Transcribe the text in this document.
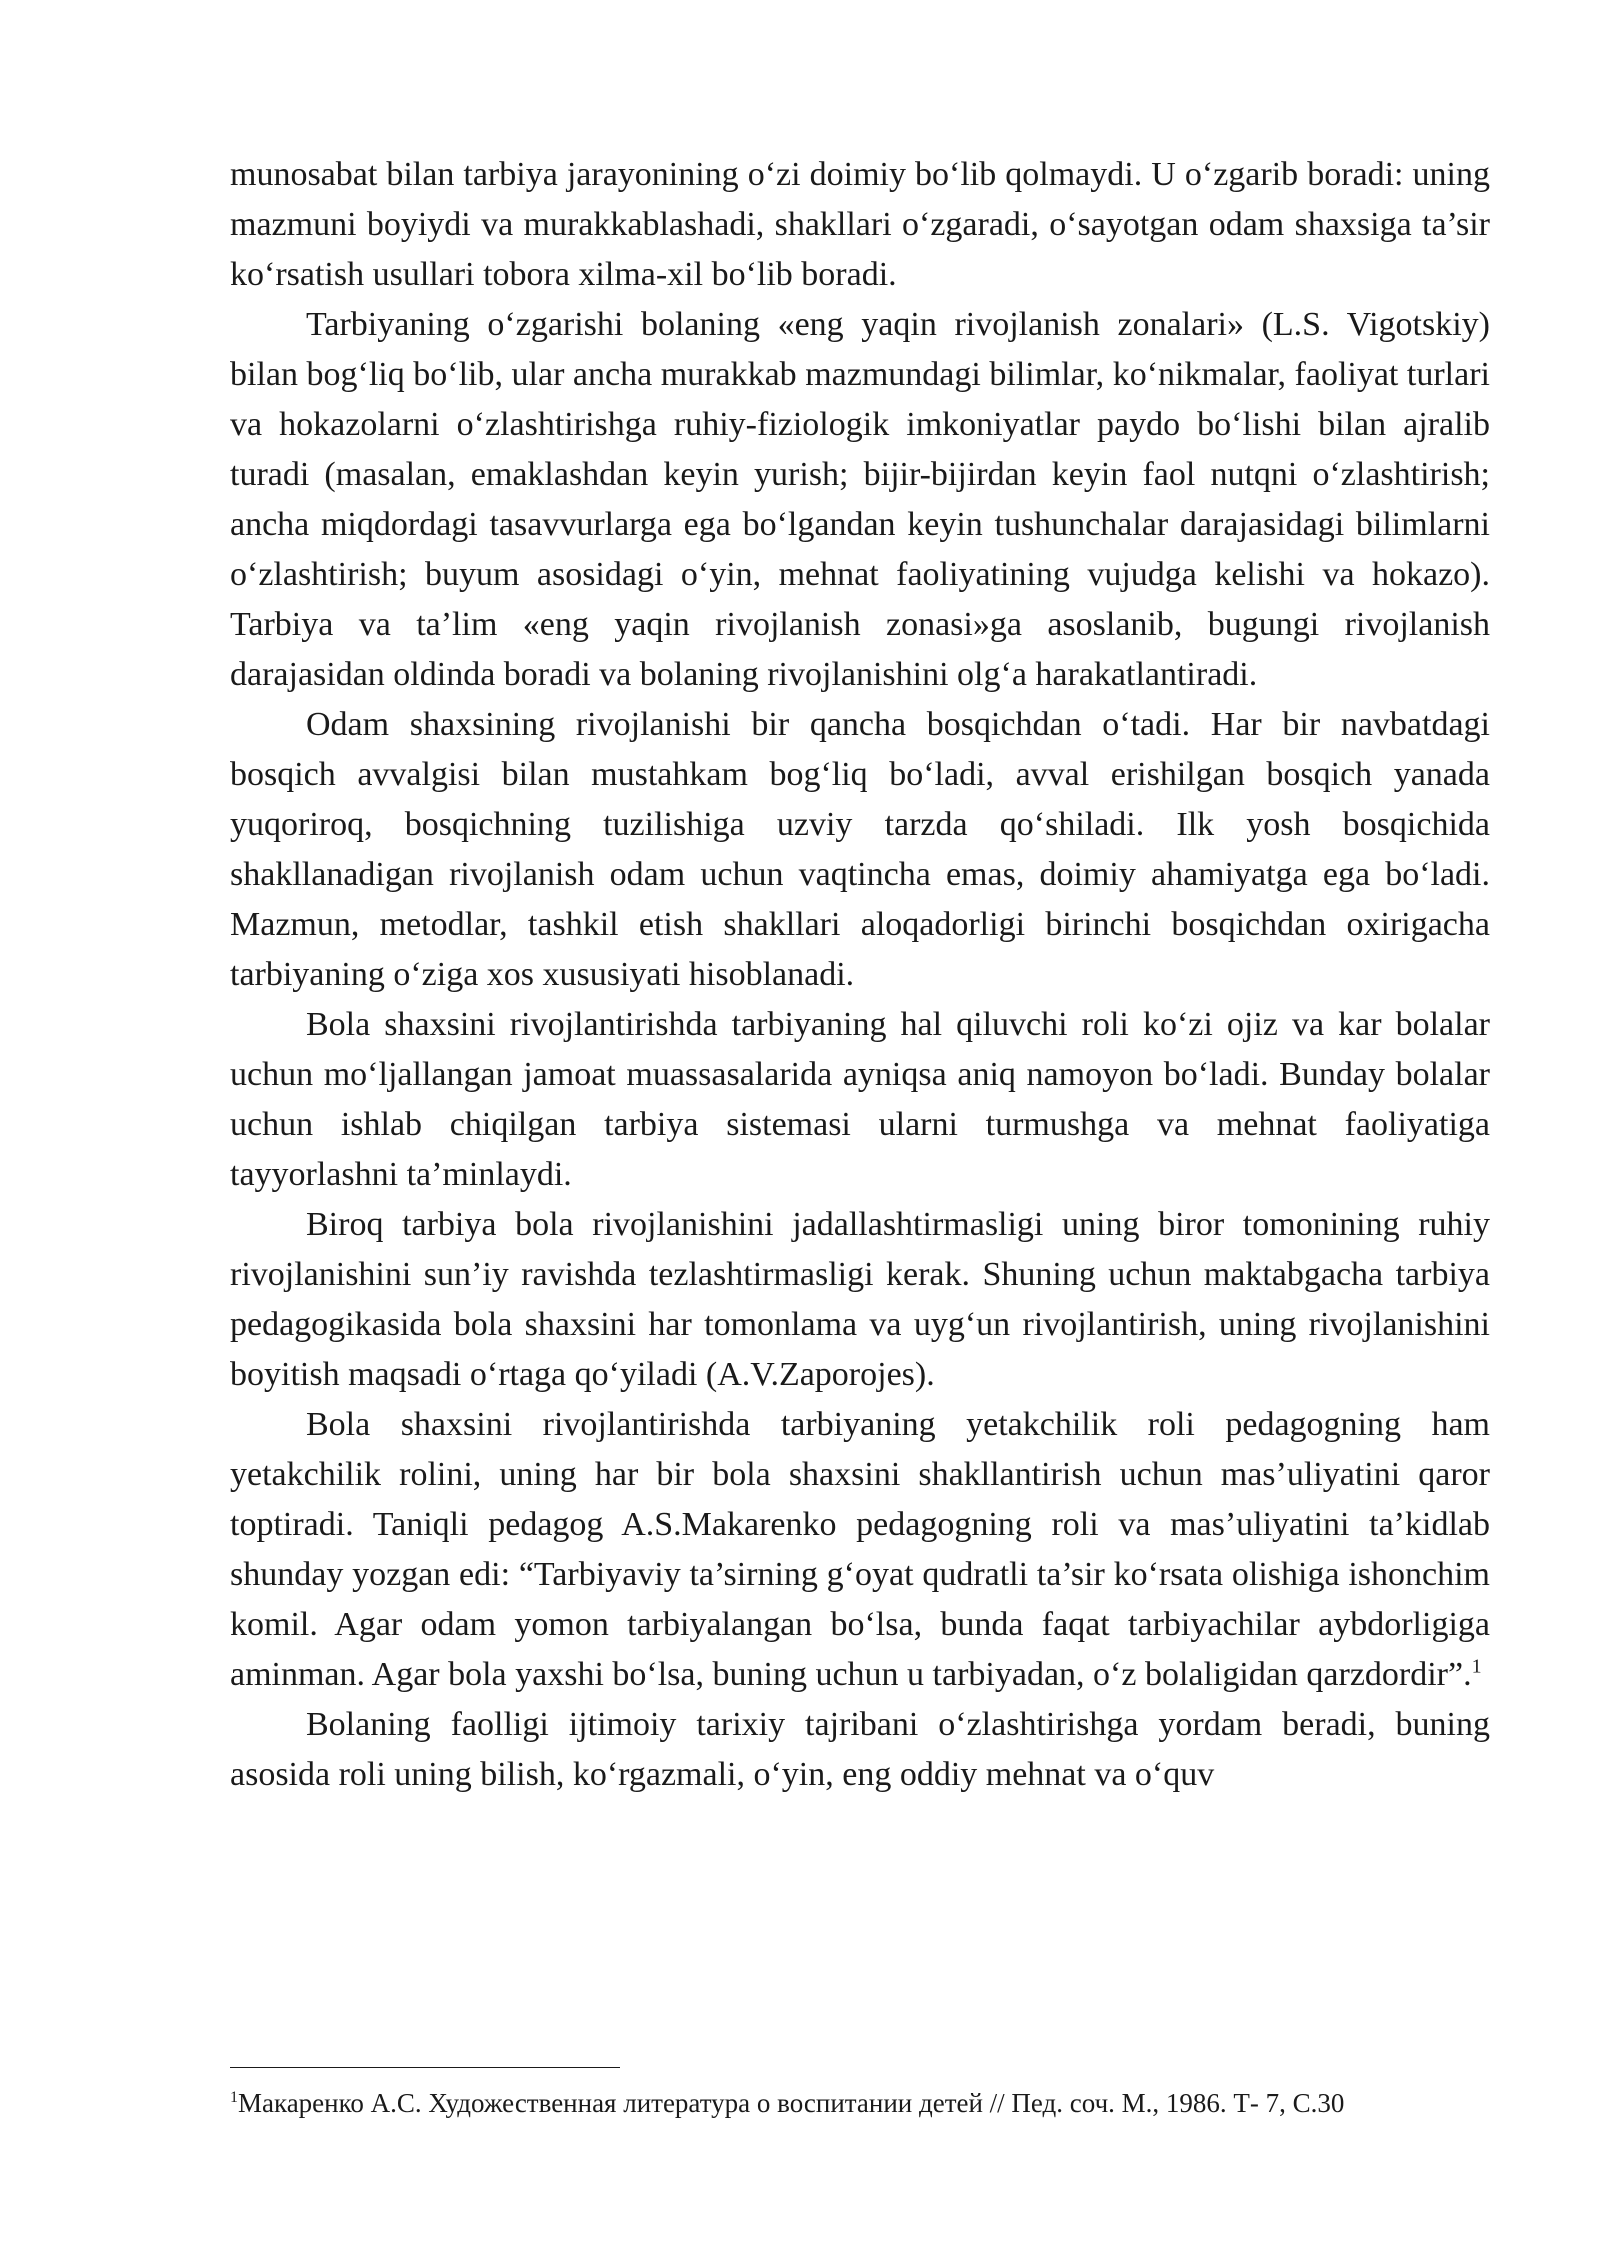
munosabat bilan tarbiya jarayonining o‘zi doimiy bo‘lib qolmaydi. U o‘zgarib boradi: uning mazmuni boyiydi va murakkablashadi, shakllari o‘zgaradi, o‘sayotgan odam shaxsiga ta’sir ko‘rsatish usullari tobora xilma-xil bo‘lib boradi.

Tarbiyaning o‘zgarishi bolaning «eng yaqin rivojlanish zonalari» (L.S. Vigotskiy) bilan bog‘liq bo‘lib, ular ancha murakkab mazmundagi bilimlar, ko‘nikmalar, faoliyat turlari va hokazolarni o‘zlashtirishga ruhiy-fiziologik imkoniyatlar paydo bo‘lishi bilan ajralib turadi (masalan, emaklashdan keyin yurish; bijir-bijirdan keyin faol nutqni o‘zlashtirish; ancha miqdordagi tasavvurlarga ega bo‘lgandan keyin tushunchalar darajasidagi bilimlarni o‘zlashtirish; buyum asosidagi o‘yin, mehnat faoliyatining vujudga kelishi va hokazo). Tarbiya va ta’lim «eng yaqin rivojlanish zonasi»ga asoslanib, bugungi rivojlanish darajasidan oldinda boradi va bolaning rivojlanishini olg‘a harakatlantiradi.

Odam shaxsining rivojlanishi bir qancha bosqichdan o‘tadi. Har bir navbatdagi bosqich avvalgisi bilan mustahkam bog‘liq bo‘ladi, avval erishilgan bosqich yanada yuqoriroq, bosqichning tuzilishiga uzviy tarzda qo‘shiladi. Ilk yosh bosqichida shakllanadigan rivojlanish odam uchun vaqtincha emas, doimiy ahamiyatga ega bo‘ladi. Mazmun, metodlar, tashkil etish shakllari aloqadorligi birinchi bosqichdan oxirigacha tarbiyaning o‘ziga xos xususiyati hisoblanadi.

Bola shaxsini rivojlantirishda tarbiyaning hal qiluvchi roli ko‘zi ojiz va kar bolalar uchun mo‘ljallangan jamoat muassasalarida ayniqsa aniq namoyon bo‘ladi. Bunday bolalar uchun ishlab chiqilgan tarbiya sistemasi ularni turmushga va mehnat faoliyatiga tayyorlashni ta’minlaydi.

Biroq tarbiya bola rivojlanishini jadallashtirmasligi uning biror tomonining ruhiy rivojlanishini sun’iy ravishda tezlashtirmasligi kerak. Shuning uchun maktabgacha tarbiya pedagogikasida bola shaxsini har tomonlama va uyg‘un rivojlantirish, uning rivojlanishini boyitish maqsadi o‘rtaga qo‘yiladi (A.V.Zaporojes).

Bola shaxsini rivojlantirishda tarbiyaning yetakchilik roli pedagogning ham yetakchilik rolini, uning har bir bola shaxsini shakllantirish uchun mas’uliyatini qaror toptiradi. Taniqli pedagog A.S.Makarenko pedagogning roli va mas’uliyatini ta’kidlab shunday yozgan edi: “Tarbiyaviy ta’sirning g‘oyat qudratli ta’sir ko‘rsata olishiga ishonchim komil. Agar odam yomon tarbiyalangan bo‘lsa, bunda faqat tarbiyachilar aybdorligiga aminman. Agar bola yaxshi bo‘lsa, buning uchun u tarbiyadan, o‘z bolaligidan qarzdordir”.$^1$

Bolaning faolligi ijtimoiy tarixiy tajribani o‘zlashtirishga yordam beradi, buning asosida roli uning bilish, ko‘rgazmali, o‘yin, eng oddiy mehnat va o‘quv

$^1$Макаренко А.С. Художественная литература о воспитании детей // Пед. соч. М., 1986. Т- 7, С.30
